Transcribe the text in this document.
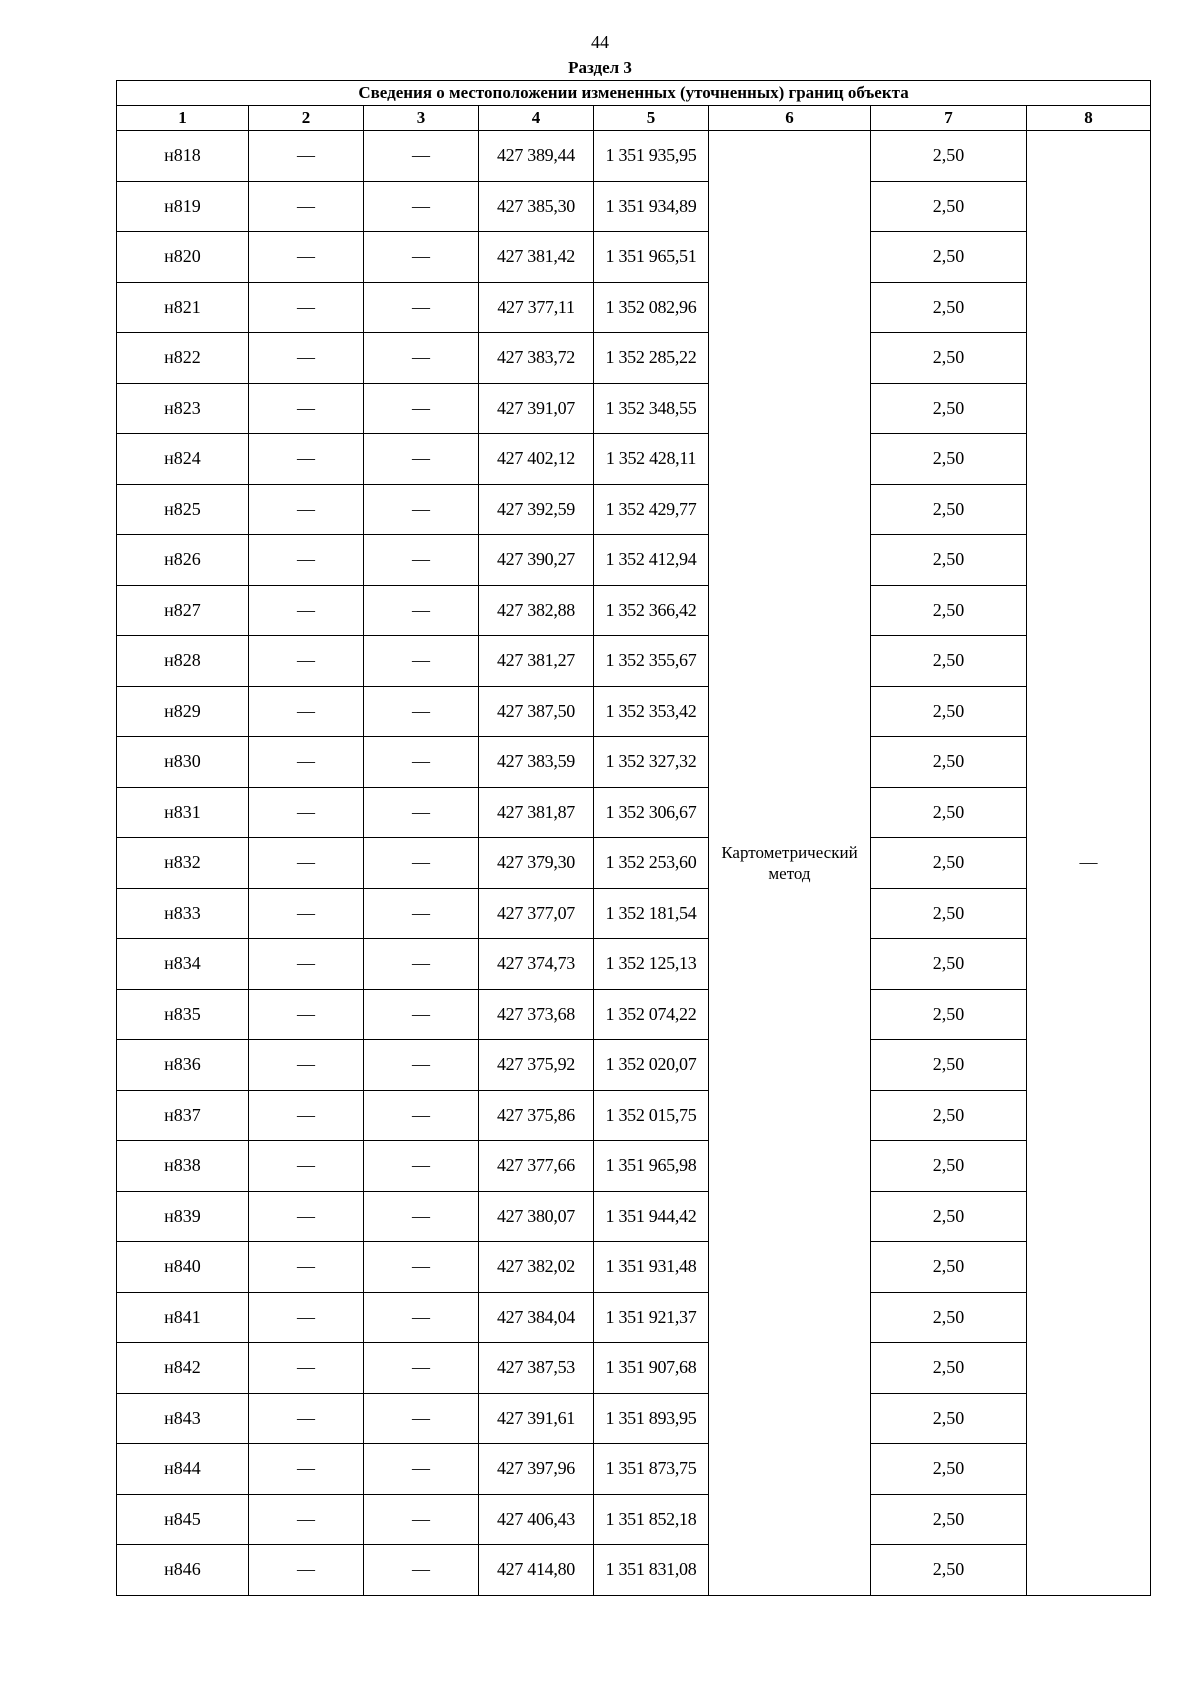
44
Раздел 3
Сведения о местоположении измененных (уточненных) границ объекта							
1	2	3	4	5	6	7	8
н818	—	—	427 389,44	1 351 935,95	Картометрический метод	2,50	—
н819	—	—	427 385,30	1 351 934,89		2,50	
н820	—	—	427 381,42	1 351 965,51		2,50	
н821	—	—	427 377,11	1 352 082,96		2,50	
н822	—	—	427 383,72	1 352 285,22		2,50	
н823	—	—	427 391,07	1 352 348,55		2,50	
н824	—	—	427 402,12	1 352 428,11		2,50	
н825	—	—	427 392,59	1 352 429,77		2,50	
н826	—	—	427 390,27	1 352 412,94		2,50	
н827	—	—	427 382,88	1 352 366,42		2,50	
н828	—	—	427 381,27	1 352 355,67		2,50	
н829	—	—	427 387,50	1 352 353,42		2,50	
н830	—	—	427 383,59	1 352 327,32		2,50	
н831	—	—	427 381,87	1 352 306,67		2,50	
н832	—	—	427 379,30	1 352 253,60		2,50	
н833	—	—	427 377,07	1 352 181,54		2,50	
н834	—	—	427 374,73	1 352 125,13		2,50	
н835	—	—	427 373,68	1 352 074,22		2,50	
н836	—	—	427 375,92	1 352 020,07		2,50	
н837	—	—	427 375,86	1 352 015,75		2,50	
н838	—	—	427 377,66	1 351 965,98		2,50	
н839	—	—	427 380,07	1 351 944,42		2,50	
н840	—	—	427 382,02	1 351 931,48		2,50	
н841	—	—	427 384,04	1 351 921,37		2,50	
н842	—	—	427 387,53	1 351 907,68		2,50	
н843	—	—	427 391,61	1 351 893,95		2,50	
н844	—	—	427 397,96	1 351 873,75		2,50	
н845	—	—	427 406,43	1 351 852,18		2,50	
н846	—	—	427 414,80	1 351 831,08		2,50	
